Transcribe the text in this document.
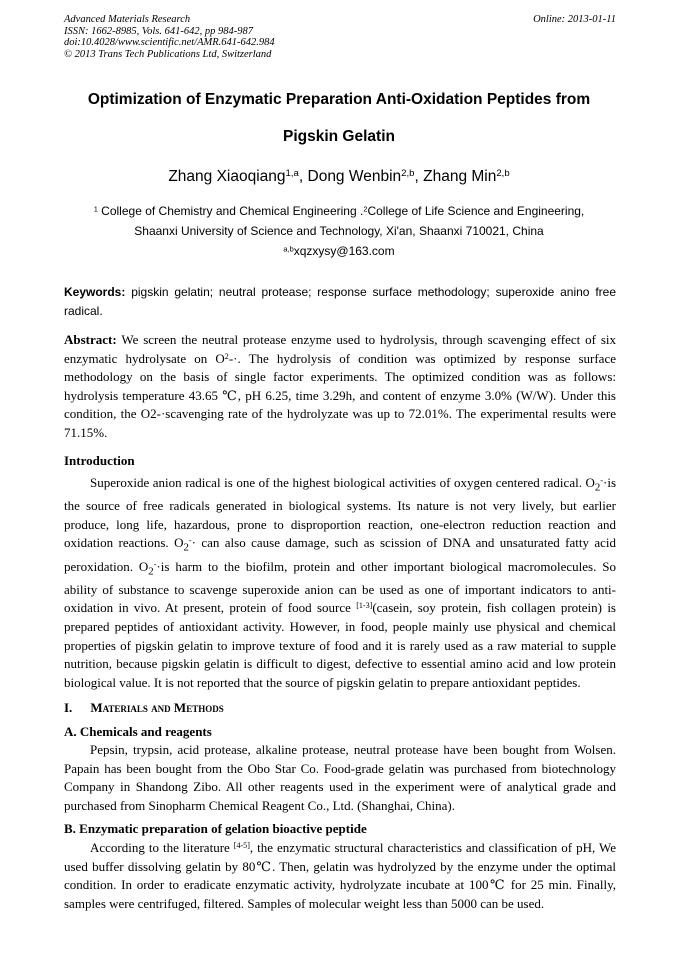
Advanced Materials Research
ISSN: 1662-8985, Vols. 641-642, pp 984-987
doi:10.4028/www.scientific.net/AMR.641-642.984
© 2013 Trans Tech Publications Ltd, Switzerland
Online: 2013-01-11
Optimization of Enzymatic Preparation Anti-Oxidation Peptides from
Pigskin Gelatin
Zhang Xiaoqiang$^{1,a}$, Dong Wenbin$^{2,b}$, Zhang Min$^{2,b}$
$^1$ College of Chemistry and Chemical Engineering .$^2$College of Life Science and Engineering,
Shaanxi University of Science and Technology, Xi'an, Shaanxi 710021, China
$^{a,b}$xqzxysy@163.com
Keywords: pigskin gelatin; neutral protease; response surface methodology; superoxide anino free radical.
Abstract: We screen the neutral protease enzyme used to hydrolysis, through scavenging effect of six enzymatic hydrolysate on $O^2-\cdot$. The hydrolysis of condition was optimized by response surface methodology on the basis of single factor experiments. The optimized condition was as follows: hydrolysis temperature 43.65 ℃, pH 6.25, time 3.29h, and content of enzyme 3.0% (W/W). Under this condition, the O2-·scavenging rate of the hydrolyzate was up to 72.01%. The experimental results were 71.15%.
Introduction
Superoxide anion radical is one of the highest biological activities of oxygen centered radical. $O_2^-\cdot is$ the source of free radicals generated in biological systems. Its nature is not very lively, but earlier produce, long life, hazardous, prone to disproportion reaction, one-electron reduction reaction and oxidation reactions. $O_2^-\cdot$ can also cause damage, such as scission of DNA and unsaturated fatty acid peroxidation. $O_2^-\cdot is$ harm to the biofilm, protein and other important biological macromolecules. So ability of substance to scavenge superoxide anion can be used as one of important indicators to anti-oxidation in vivo. At present, protein of food source [1-3](casein, soy protein, fish collagen protein) is prepared peptides of antioxidant activity. However, in food, people mainly use physical and chemical properties of pigskin gelatin to improve texture of food and it is rarely used as a raw material to supple nutrition, because pigskin gelatin is difficult to digest, defective to essential amino acid and low protein biological value. It is not reported that the source of pigskin gelatin to prepare antioxidant peptides.
I. Materials and Methods
A. Chemicals and reagents
Pepsin, trypsin, acid protease, alkaline protease, neutral protease have been bought from Wolsen. Papain has been bought from the Obo Star Co. Food-grade gelatin was purchased from biotechnology Company in Shandong Zibo. All other reagents used in the experiment were of analytical grade and purchased from Sinopharm Chemical Reagent Co., Ltd. (Shanghai, China).
B. Enzymatic preparation of gelation bioactive peptide
According to the literature [4-5], the enzymatic structural characteristics and classification of pH, We used buffer dissolving gelatin by 80℃. Then, gelatin was hydrolyzed by the enzyme under the optimal condition. In order to eradicate enzymatic activity, hydrolyzate incubate at 100℃ for 25 min. Finally, samples were centrifuged, filtered. Samples of molecular weight less than 5000 can be used.
